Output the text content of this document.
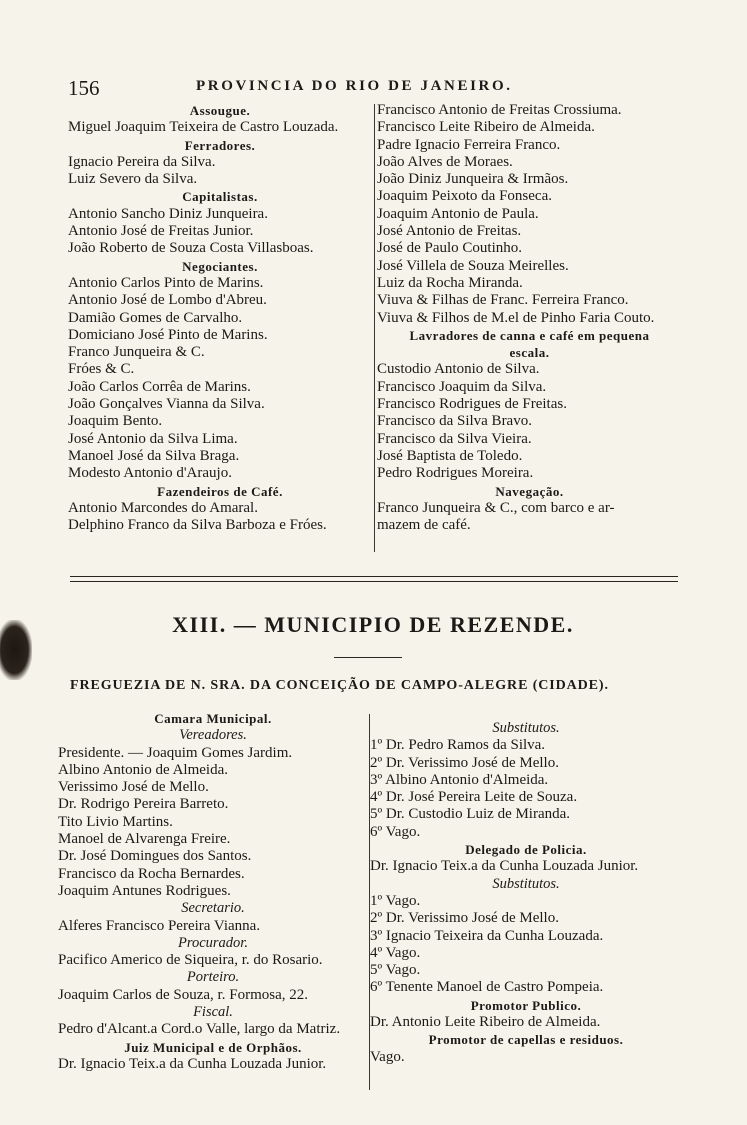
156	PROVINCIA DO RIO DE JANEIRO.
Assougue.
Miguel Joaquim Teixeira de Castro Louzada.
Ferradores.
Ignacio Pereira da Silva.
Luiz Severo da Silva.
Capitalistas.
Antonio Sancho Diniz Junqueira.
Antonio José de Freitas Junior.
João Roberto de Souza Costa Villasboas.
Negociantes.
Antonio Carlos Pinto de Marins.
Antonio José de Lombo d'Abreu.
Damião Gomes de Carvalho.
Domiciano José Pinto de Marins.
Franco Junqueira & C.
Fróes & C.
João Carlos Corrêa de Marins.
João Gonçalves Vianna da Silva.
Joaquim Bento.
José Antonio da Silva Lima.
Manoel José da Silva Braga.
Modesto Antonio d'Araujo.
Fazendeiros de Café.
Antonio Marcondes do Amaral.
Delphino Franco da Silva Barboza e Fróes.
Francisco Antonio de Freitas Crossiuma.
Francisco Leite Ribeiro de Almeida.
Padre Ignacio Ferreira Franco.
João Alves de Moraes.
João Diniz Junqueira & Irmãos.
Joaquim Peixoto da Fonseca.
Joaquim Antonio de Paula.
José Antonio de Freitas.
José de Paulo Coutinho.
José Villela de Souza Meirelles.
Luiz da Rocha Miranda.
Viuva & Filhas de Franc. Ferreira Franco.
Viuva & Filhos de M.el de Pinho Faria Couto.
Lavradores de canna e café em pequena
escala.
Custodio Antonio de Silva.
Francisco Joaquim da Silva.
Francisco Rodrigues de Freitas.
Francisco da Silva Bravo.
Francisco da Silva Vieira.
José Baptista de Toledo.
Pedro Rodrigues Moreira.
Navegação.
Franco Junqueira & C., com barco e ar-
mazem de café.
XIII. — MUNICIPIO DE REZENDE.
FREGUEZIA DE N. SRA. DA CONCEIÇÃO DE CAMPO-ALEGRE (CIDADE).
Camara Municipal.
Vereadores.
Presidente. — Joaquim Gomes Jardim.
Albino Antonio de Almeida.
Verissimo José de Mello.
Dr. Rodrigo Pereira Barreto.
Tito Livio Martins.
Manoel de Alvarenga Freire.
Dr. José Domingues dos Santos.
Francisco da Rocha Bernardes.
Joaquim Antunes Rodrigues.
Secretario.
Alferes Francisco Pereira Vianna.
Procurador.
Pacifico Americo de Siqueira, r. do Rosario.
Porteiro.
Joaquim Carlos de Souza, r. Formosa, 22.
Fiscal.
Pedro d'Alcant.a Cord.o Valle, largo da Matriz.
Juiz Municipal e de Orphãos.
Dr. Ignacio Teix.a da Cunha Louzada Junior.
Substitutos.
1º Dr. Pedro Ramos da Silva.
2º Dr. Verissimo José de Mello.
3º Albino Antonio d'Almeida.
4º Dr. José Pereira Leite de Souza.
5º Dr. Custodio Luiz de Miranda.
6º Vago.
Delegado de Policia.
Dr. Ignacio Teix.a da Cunha Louzada Junior.
Substitutos.
1º Vago.
2º Dr. Verissimo José de Mello.
3º Ignacio Teixeira da Cunha Louzada.
4º Vago.
5º Vago.
6º Tenente Manoel de Castro Pompeia.
Promotor Publico.
Dr. Antonio Leite Ribeiro de Almeida.
Promotor de capellas e residuos.
Vago.
